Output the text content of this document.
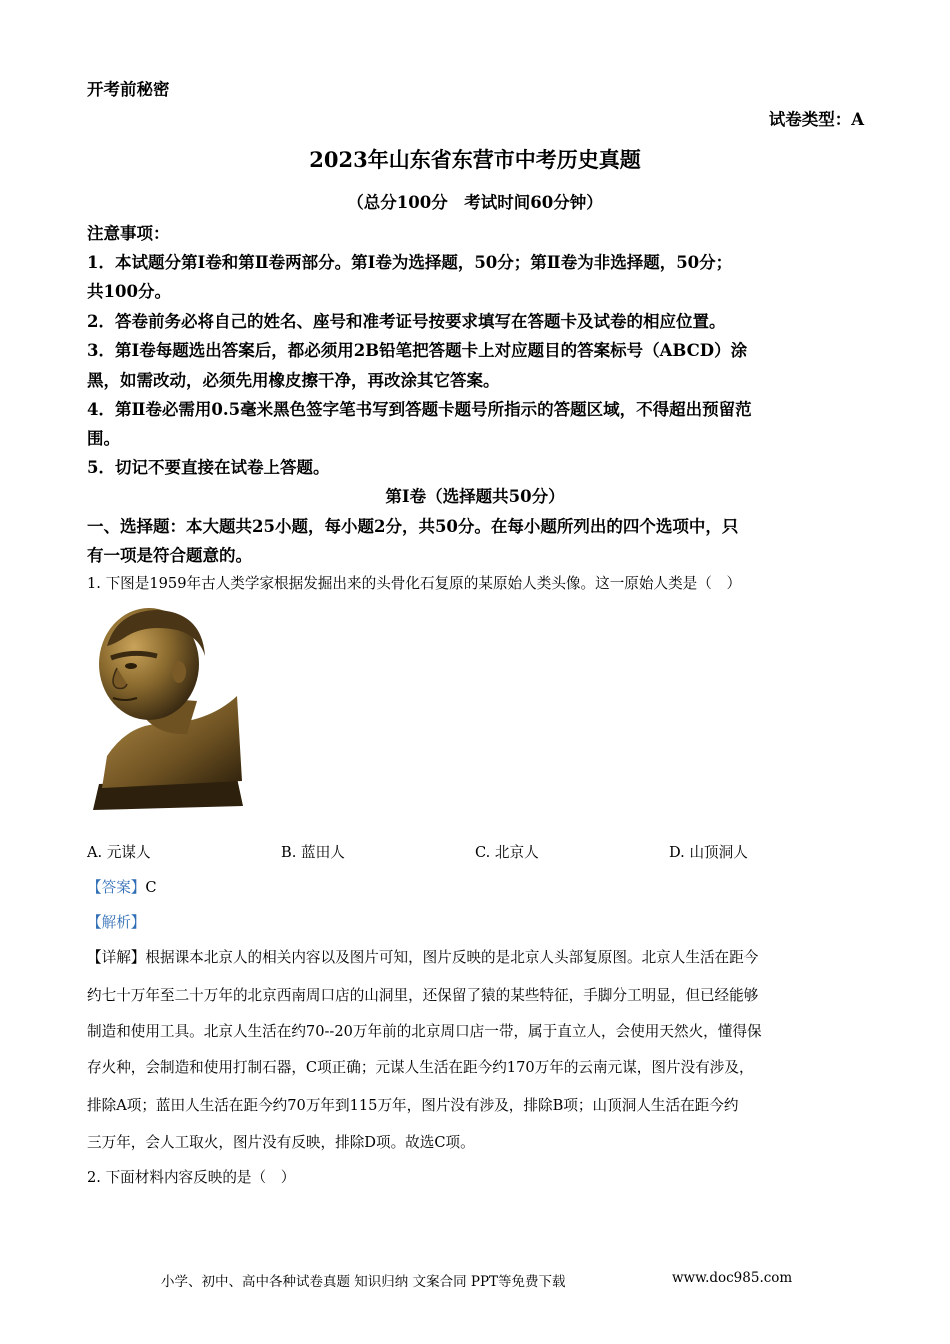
开考前秘密
试卷类型：A
2023年山东省东营市中考历史真题
（总分100分　考试时间60分钟）
注意事项：
1．本试题分第Ⅰ卷和第Ⅱ卷两部分。第Ⅰ卷为选择题，50分；第Ⅱ卷为非选择题，50分；
共100分。
2．答卷前务必将自己的姓名、座号和准考证号按要求填写在答题卡及试卷的相应位置。
3．第Ⅰ卷每题选出答案后，都必须用2B铅笔把答题卡上对应题目的答案标号（ABCD）涂
黑，如需改动，必须先用橡皮擦干净，再改涂其它答案。
4．第Ⅱ卷必需用0.5毫米黑色签字笔书写到答题卡题号所指示的答题区域，不得超出预留范
围。
5．切记不要直接在试卷上答题。
第Ⅰ卷（选择题共50分）
一、选择题：本大题共25小题，每小题2分，共50分。在每小题所列出的四个选项中，只
有一项是符合题意的。
1. 下图是1959年古人类学家根据发掘出来的头骨化石复原的某原始人类头像。这一原始人类是（　）
A. 元谋人	B. 蓝田人	C. 北京人	D. 山顶洞人
【答案】C
【解析】
【详解】根据课本北京人的相关内容以及图片可知，图片反映的是北京人头部复原图。北京人生活在距今
约七十万年至二十万年的北京西南周口店的山洞里，还保留了猿的某些特征，手脚分工明显，但已经能够
制造和使用工具。北京人生活在约70--20万年前的北京周口店一带，属于直立人，会使用天然火，懂得保
存火种，会制造和使用打制石器，C项正确；元谋人生活在距今约170万年的云南元谋，图片没有涉及，
排除A项；蓝田人生活在距今约70万年到115万年，图片没有涉及，排除B项；山顶洞人生活在距今约
三万年，会人工取火，图片没有反映，排除D项。故选C项。
2. 下面材料内容反映的是（　）
小学、初中、高中各种试卷真题 知识归纳 文案合同 PPT等免费下载	www.doc985.com
